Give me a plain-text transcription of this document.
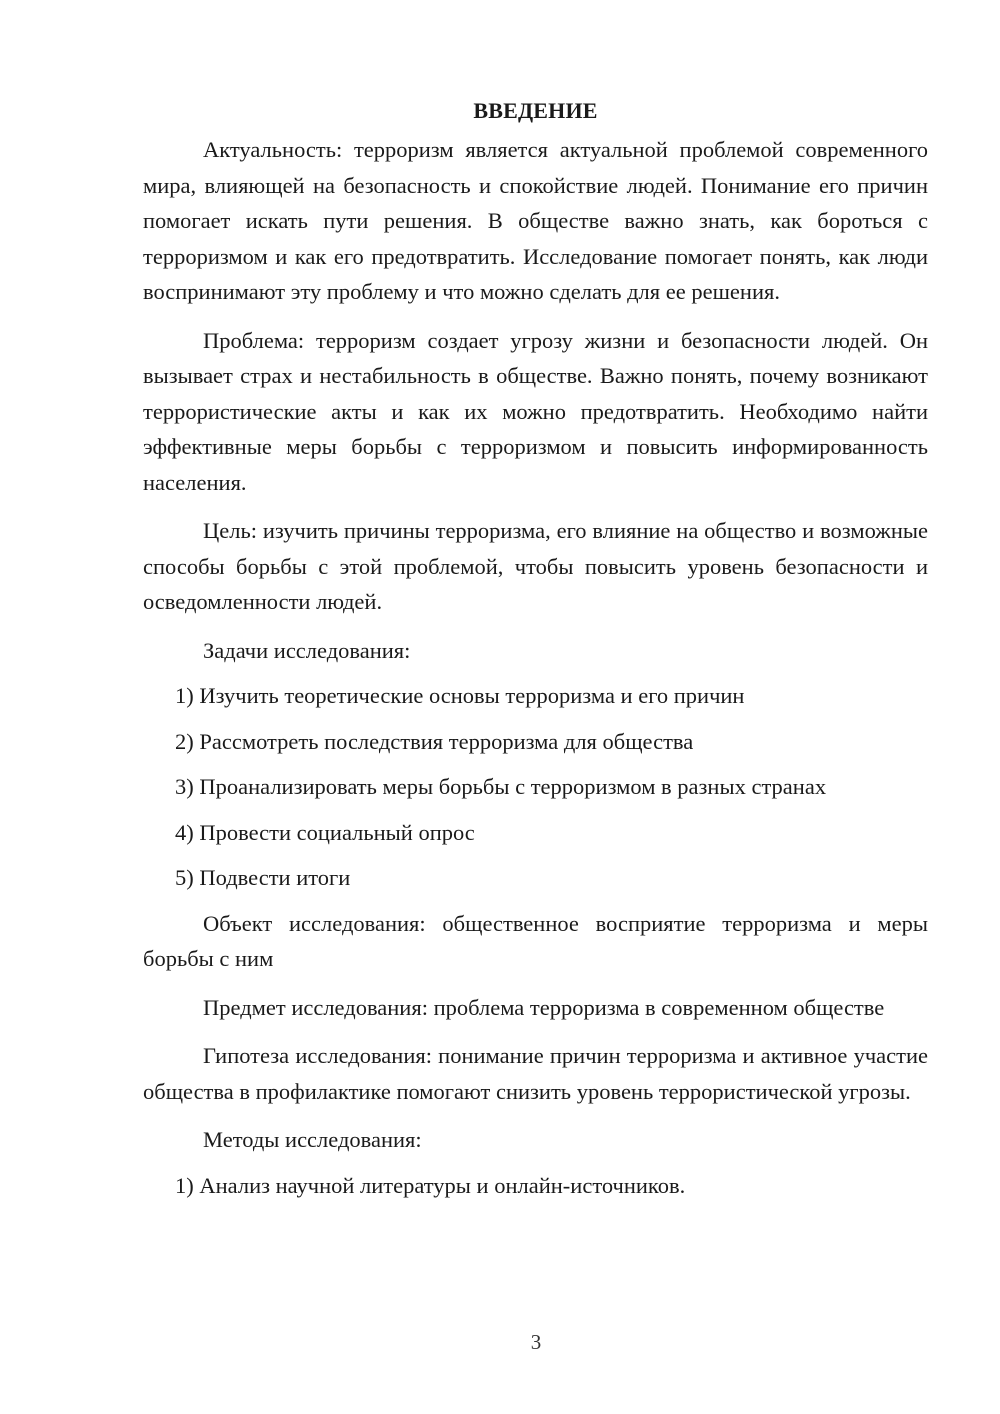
ВВЕДЕНИЕ

Актуальность: терроризм является актуальной проблемой современного мира, влияющей на безопасность и спокойствие людей. Понимание его причин помогает искать пути решения. В обществе важно знать, как бороться с терроризмом и как его предотвратить. Исследование помогает понять, как люди воспринимают эту проблему и что можно сделать для ее решения.

Проблема: терроризм создает угрозу жизни и безопасности людей. Он вызывает страх и нестабильность в обществе. Важно понять, почему возникают террористические акты и как их можно предотвратить. Необходимо найти эффективные меры борьбы с терроризмом и повысить информированность населения.

Цель: изучить причины терроризма, его влияние на общество и возможные способы борьбы с этой проблемой, чтобы повысить уровень безопасности и осведомленности людей.

Задачи исследования:

1) Изучить теоретические основы терроризма и его причин

2) Рассмотреть последствия терроризма для общества

3) Проанализировать меры борьбы с терроризмом в разных странах

4) Провести социальный опрос

5) Подвести итоги

Объект исследования: общественное восприятие терроризма и меры борьбы с ним

Предмет исследования: проблема терроризма в современном обществе

Гипотеза исследования: понимание причин терроризма и активное участие общества в профилактике помогают снизить уровень террористической угрозы.

Методы исследования:

1) Анализ научной литературы и онлайн-источников.

3
